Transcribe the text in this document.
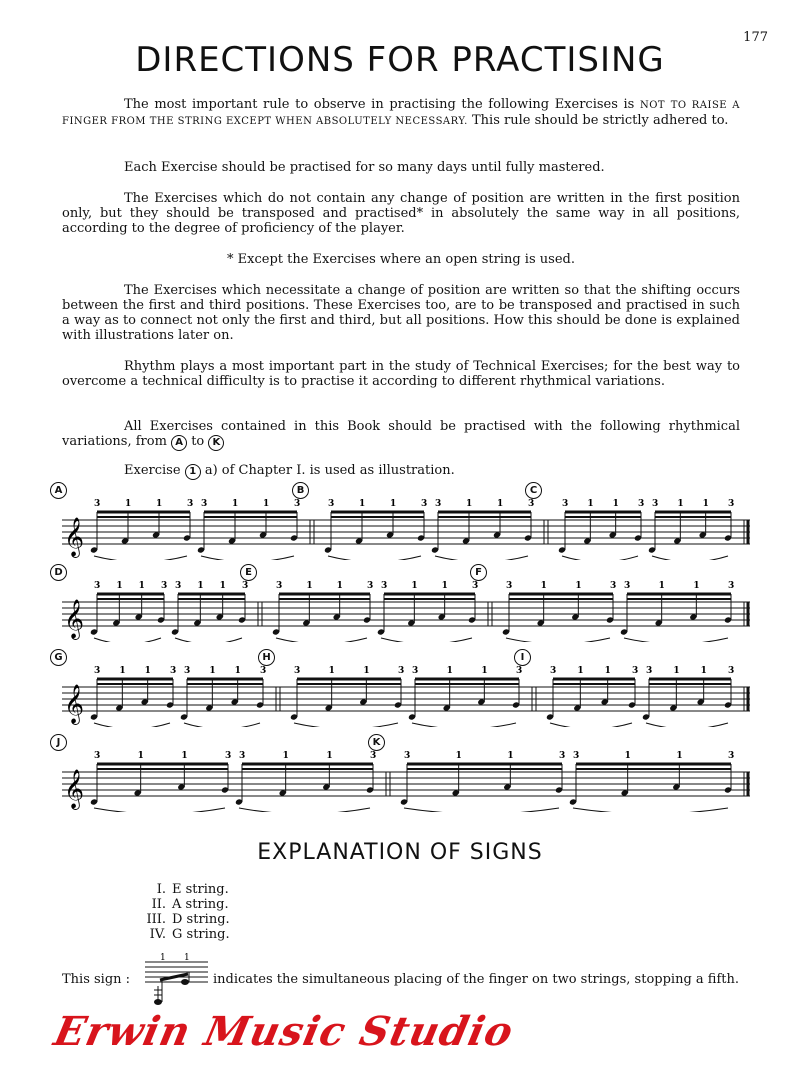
177
DIRECTIONS FOR PRACTISING
The most important rule to observe in practising the following Exercises is NOT TO RAISE A FINGER FROM THE STRING EXCEPT WHEN ABSOLUTELY NECESSARY. This rule should be strictly adhered to.
Each Exercise should be practised for so many days until fully mastered.
The Exercises which do not contain any change of position are written in the first position only, but they should be transposed and practised* in absolutely the same way in all positions, according to the degree of proficiency of the player.
* Except the Exercises where an open string is used.
The Exercises which necessitate a change of position are written so that the shifting occurs between the first and third positions. These Exercises too, are to be transposed and practised in such a way as to connect not only the first and third, but all positions. How this should be done is explained with illustrations later on.
Rhythm plays a most important part in the study of Technical Exercises; for the best way to overcome a technical difficulty is to practise it according to different rhythmical variations.
All Exercises contained in this Book should be practised with the following rhythmical variations, from A to K
Exercise 1 a) of Chapter I. is used as illustration.
𝄞
3	1	1	3 3	1	1	3	3	1	1	3 3	1	1	3	3 1 1 3 3 1 1 3
A	B	C
𝄞
3 1 1 3 3 1 1 3	3	1	1	3 3	1	1	3	3	1	1	3 3	1	1	3
D	E	F
𝄞
3 1 1 3 3 1 1 3	3	1	1	3 3	1	1	3	3 1 1 3 3 1 1 3
G	H	I
𝄞
3	1	1	3 3	1	1	3	3	1	1	3 3	1	1	3
J	K
EXPLANATION OF SIGNS
I. E string.
II. A string.
III. D string.
IV. G string.
This sign :
1 1
indicates the simultaneous placing of the finger on two strings, stopping a fifth.
Erwin Music Studio
